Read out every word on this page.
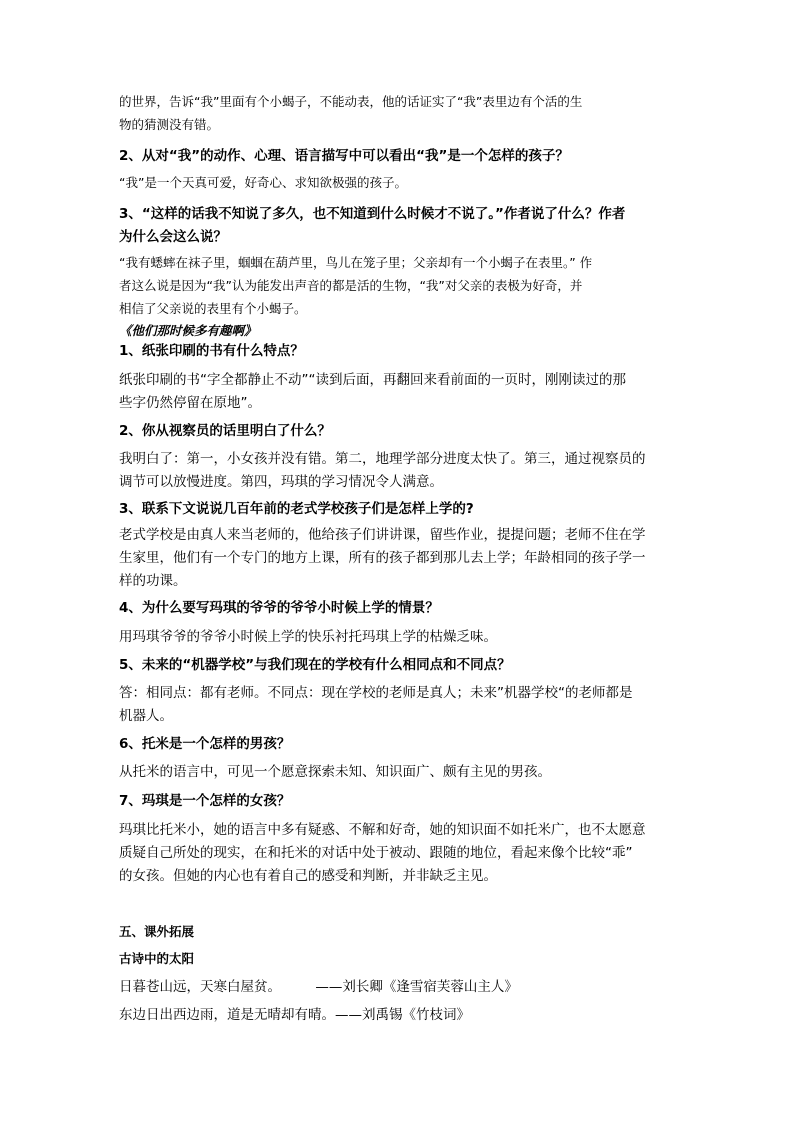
的世界，告诉“我”里面有个小蝎子，不能动表，他的话证实了“我”表里边有个活的生
物的猜测没有错。
2、从对“我”的动作、心理、语言描写中可以看出“我”是一个怎样的孩子？
“我”是一个天真可爱，好奇心、求知欲极强的孩子。
3、“这样的话我不知说了多久，也不知道到什么时候才不说了。”作者说了什么？作者
为什么会这么说？
“我有蟋蟀在袜子里，蝈蝈在葫芦里，鸟儿在笼子里；父亲却有一个小蝎子在表里。” 作
者这么说是因为“我”认为能发出声音的都是活的生物，“我”对父亲的表极为好奇，并
相信了父亲说的表里有个小蝎子。
《他们那时候多有趣啊》
1、纸张印刷的书有什么特点？
纸张印刷的书“字全都静止不动”“读到后面，再翻回来看前面的一页时，刚刚读过的那
些字仍然停留在原地”。
2、你从视察员的话里明白了什么？
我明白了：第一，小女孩并没有错。第二，地理学部分进度太快了。第三，通过视察员的
调节可以放慢进度。第四，玛琪的学习情况令人满意。
3、联系下文说说几百年前的老式学校孩子们是怎样上学的?
老式学校是由真人来当老师的，他给孩子们讲讲课，留些作业，提提问题；老师不住在学
生家里，他们有一个专门的地方上课，所有的孩子都到那儿去上学；年龄相同的孩子学一
样的功课。
4、为什么要写玛琪的爷爷的爷爷小时候上学的情景？
用玛琪爷爷的爷爷小时候上学的快乐衬托玛琪上学的枯燥乏味。
5、未来的“机器学校”与我们现在的学校有什么相同点和不同点？
答：相同点：都有老师。不同点：现在学校的老师是真人；未来”机器学校“的老师都是
机器人。
6、托米是一个怎样的男孩？
从托米的语言中，可见一个愿意探索未知、知识面广、颇有主见的男孩。
7、玛琪是一个怎样的女孩？
玛琪比托米小，她的语言中多有疑惑、不解和好奇，她的知识面不如托米广，也不太愿意
质疑自己所处的现实，在和托米的对话中处于被动、跟随的地位，看起来像个比较“乖”
的女孩。但她的内心也有着自己的感受和判断，并非缺乏主见。
五、课外拓展
古诗中的太阳
日暮苍山远，天寒白屋贫。        ——刘长卿《逢雪宿芙蓉山主人》
东边日出西边雨，道是无晴却有晴。——刘禹锡《竹枝词》
